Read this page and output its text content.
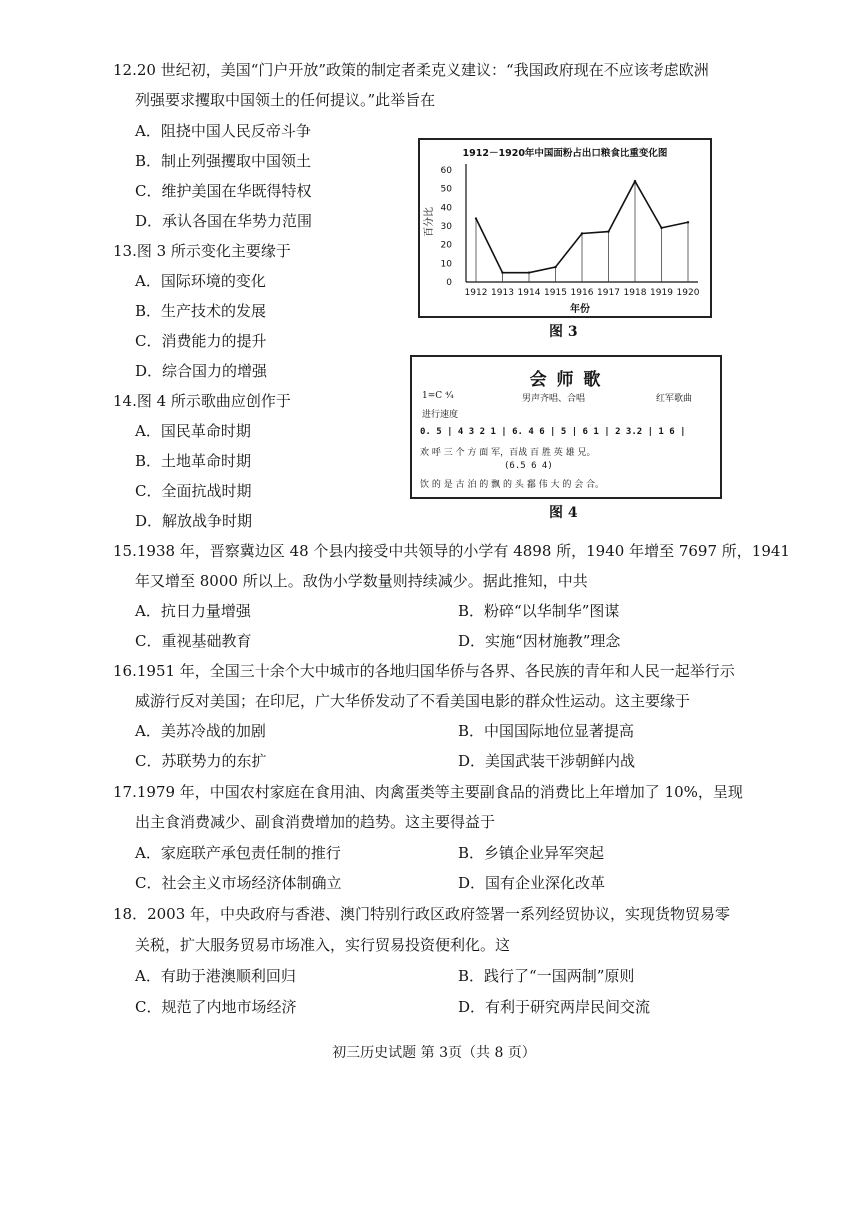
12.20 世纪初，美国“门户开放”政策的制定者柔克义建议：“我国政府现在不应该考虑欧洲
列强要求攫取中国领土的任何提议。”此举旨在
A．阻挠中国人民反帝斗争
B．制止列强攫取中国领土
C．维护美国在华既得特权
D．承认各国在华势力范围
13.图 3 所示变化主要缘于
A．国际环境的变化
B．生产技术的发展
C．消费能力的提升
D．综合国力的增强
1912－1920年中国面粉占出口粮食比重变化图
百分比
年份
0
10
20
30
40
50
60
1912 1913 1914 1915 1916 1917 1918 1919 1920
图 3
14.图 4 所示歌曲应创作于
A．国民革命时期
B．土地革命时期
C．全面抗战时期
D．解放战争时期
会 师 歌
1=C ⁴⁄₄	男声齐唱、合唱	红军歌曲
进行速度
0. 5 | 4 3 2 1 | 6. 4 6 | 5 | 6 1 | 2 3.2 | 1 6 |
欢 呼 三 个 方 面 军，百战 百 胜 英 雄 兄。
(6.5 6 4)
饮 的 是 古 泊 的 飘 的 头 鄱 伟 大 的 会 合。
图 4
15.1938 年，晋察冀边区 48 个县内接受中共领导的小学有 4898 所，1940 年增至 7697 所，1941
年又增至 8000 所以上。敌伪小学数量则持续减少。据此推知，中共
A．抗日力量增强	B．粉碎“以华制华”图谋
C．重视基础教育	D．实施“因材施教”理念
16.1951 年，全国三十余个大中城市的各地归国华侨与各界、各民族的青年和人民一起举行示
威游行反对美国；在印尼，广大华侨发动了不看美国电影的群众性运动。这主要缘于
A．美苏冷战的加剧	B．中国国际地位显著提高
C．苏联势力的东扩	D．美国武装干涉朝鲜内战
17.1979 年，中国农村家庭在食用油、肉禽蛋类等主要副食品的消费比上年增加了 10%，呈现
出主食消费减少、副食消费增加的趋势。这主要得益于
A．家庭联产承包责任制的推行	B．乡镇企业异军突起
C．社会主义市场经济体制确立	D．国有企业深化改革
18．2003 年，中央政府与香港、澳门特别行政区政府签署一系列经贸协议，实现货物贸易零
关税，扩大服务贸易市场准入，实行贸易投资便利化。这
A．有助于港澳顺利回归	B．践行了“一国两制”原则
C．规范了内地市场经济	D．有利于研究两岸民间交流
初三历史试题 第 3页（共 8 页）
